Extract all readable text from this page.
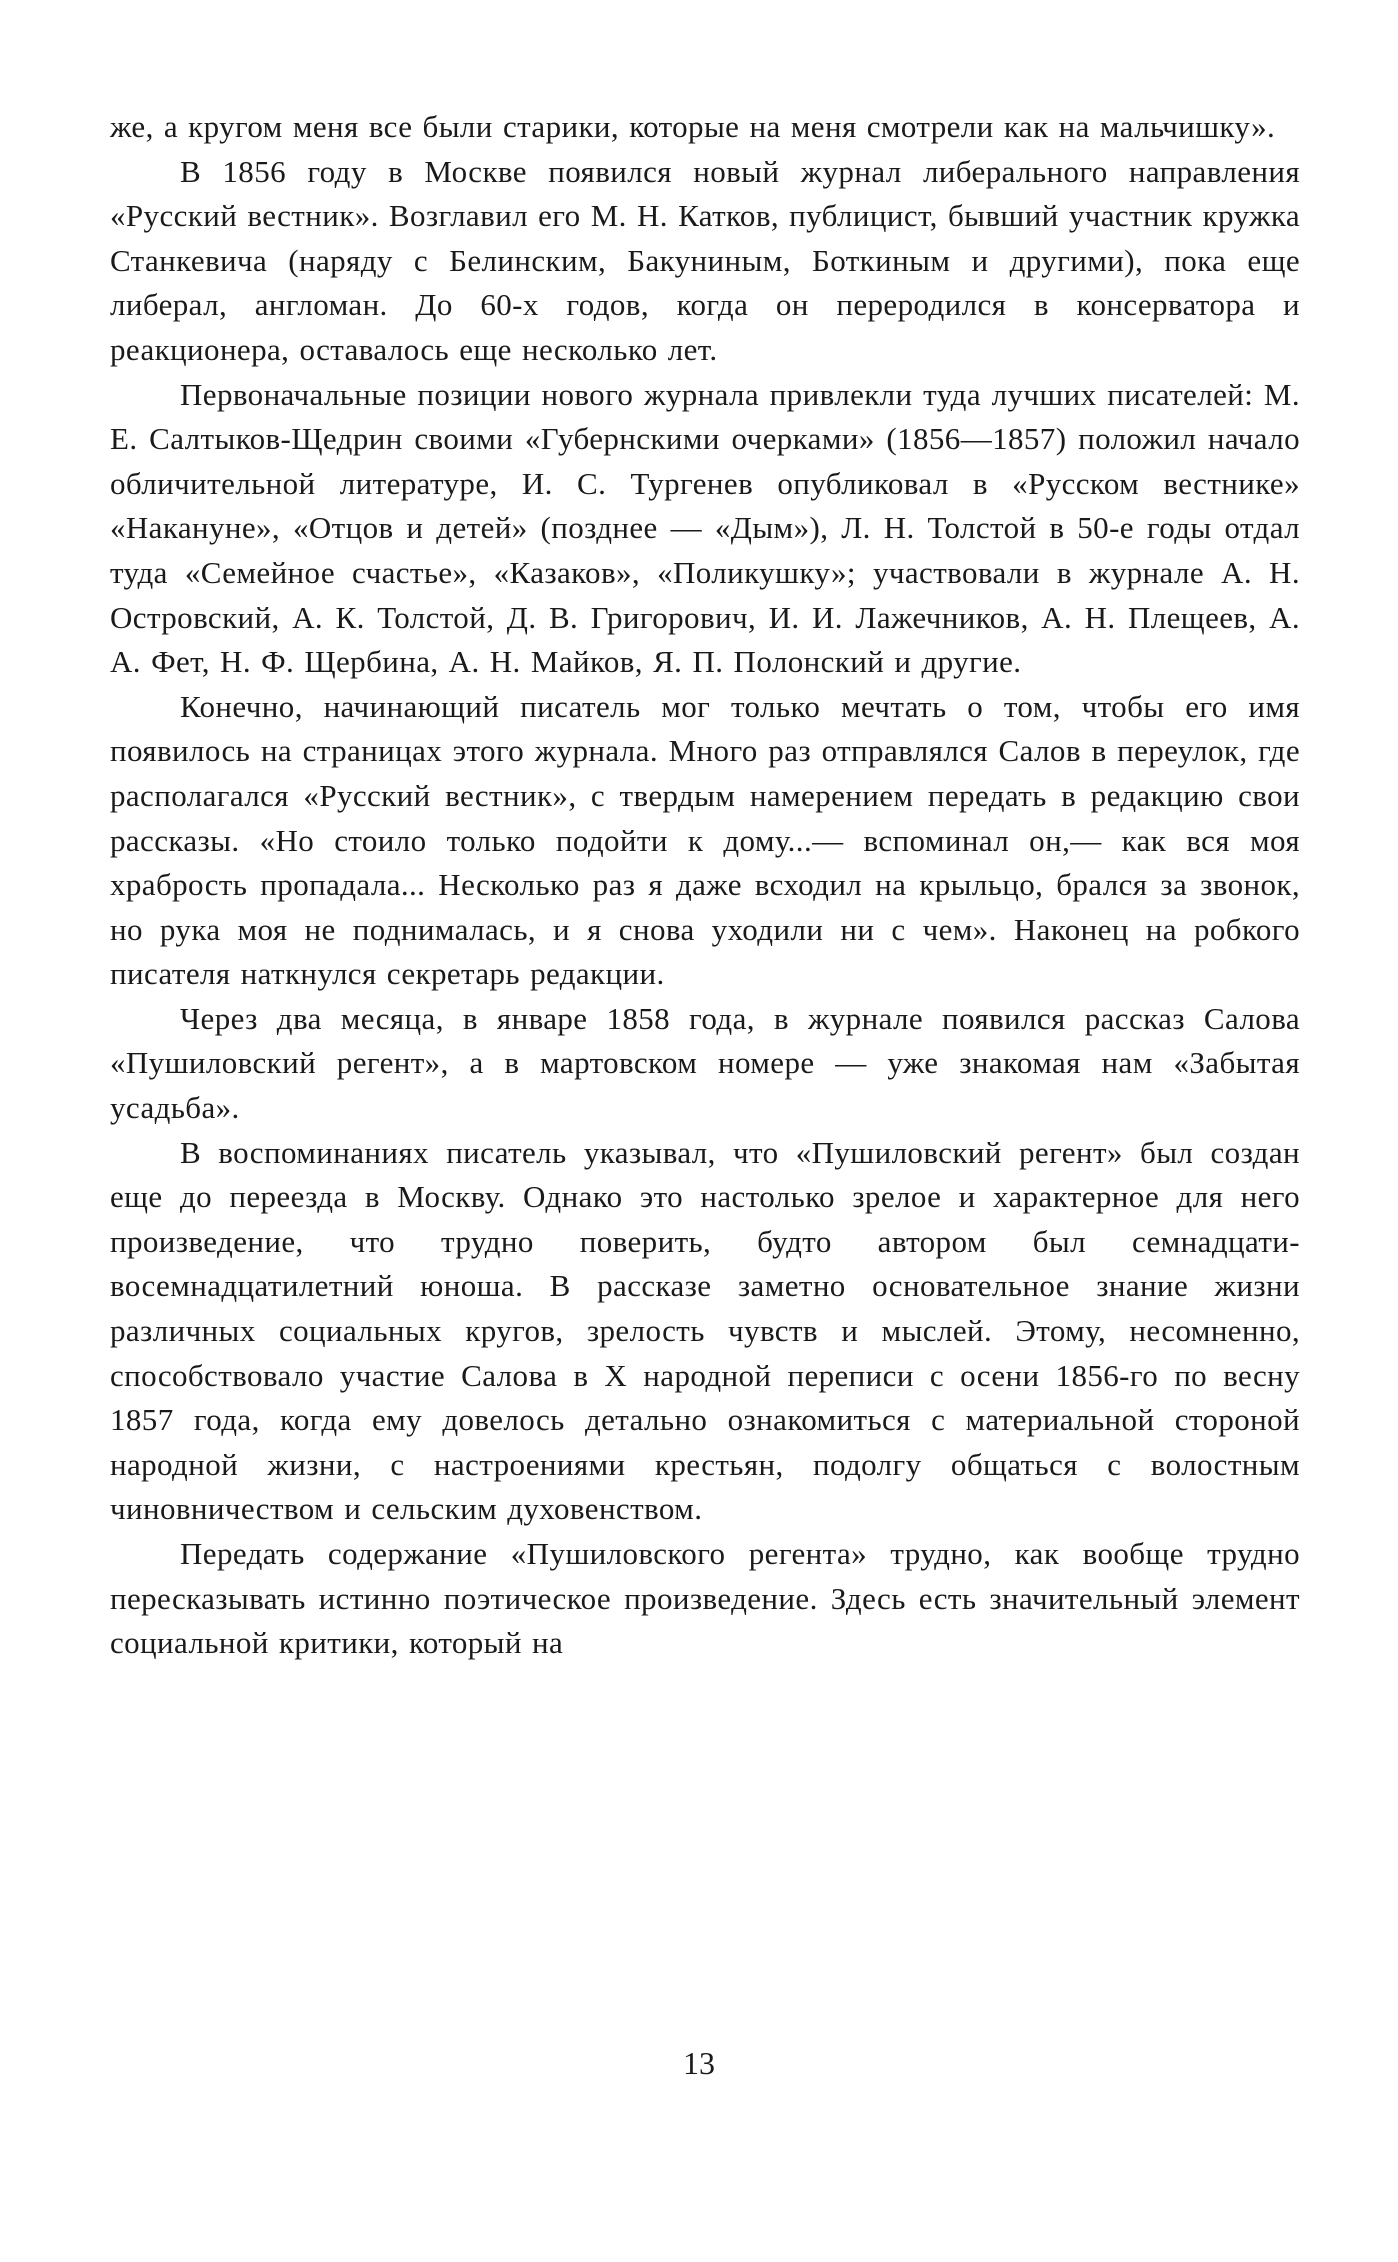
же, а кругом меня все были старики, которые на меня смотрели как на мальчишку».

В 1856 году в Москве появился новый журнал либерального направления «Русский вестник». Возглавил его М. Н. Катков, публицист, бывший участник кружка Станкевича (наряду с Белинским, Бакуниным, Боткиным и другими), пока еще либерал, англоман. До 60-х годов, когда он переродился в консерватора и реакционера, оставалось еще несколько лет.

Первоначальные позиции нового журнала привлекли туда лучших писателей: М. Е. Салтыков-Щедрин своими «Губернскими очерками» (1856—1857) положил начало обличительной литературе, И. С. Тургенев опубликовал в «Русском вестнике» «Накануне», «Отцов и детей» (позднее — «Дым»), Л. Н. Толстой в 50-е годы отдал туда «Семейное счастье», «Казаков», «Поликушку»; участвовали в журнале А. Н. Островский, А. К. Толстой, Д. В. Григорович, И. И. Лажечников, А. Н. Плещеев, А. А. Фет, Н. Ф. Щербина, А. Н. Майков, Я. П. Полонский и другие.

Конечно, начинающий писатель мог только мечтать о том, чтобы его имя появилось на страницах этого журнала. Много раз отправлялся Салов в переулок, где располагался «Русский вестник», с твердым намерением передать в редакцию свои рассказы. «Но стоило только подойти к дому...— вспоминал он,— как вся моя храбрость пропадала... Несколько раз я даже всходил на крыльцо, брался за звонок, но рука моя не поднималась, и я снова уходили ни с чем». Наконец на робкого писателя наткнулся секретарь редакции.

Через два месяца, в январе 1858 года, в журнале появился рассказ Салова «Пушиловский регент», а в мартовском номере — уже знакомая нам «Забытая усадьба».

В воспоминаниях писатель указывал, что «Пушиловский регент» был создан еще до переезда в Москву. Однако это настолько зрелое и характерное для него произведение, что трудно поверить, будто автором был семнадцати-восемнадцатилетний юноша. В рассказе заметно основательное знание жизни различных социальных кругов, зрелость чувств и мыслей. Этому, несомненно, способствовало участие Салова в X народной переписи с осени 1856-го по весну 1857 года, когда ему довелось детально ознакомиться с материальной стороной народной жизни, с настроениями крестьян, подолгу общаться с волостным чиновничеством и сельским духовенством.

Передать содержание «Пушиловского регента» трудно, как вообще трудно пересказывать истинно поэтическое произведение. Здесь есть значительный элемент социальной критики, который на

13
